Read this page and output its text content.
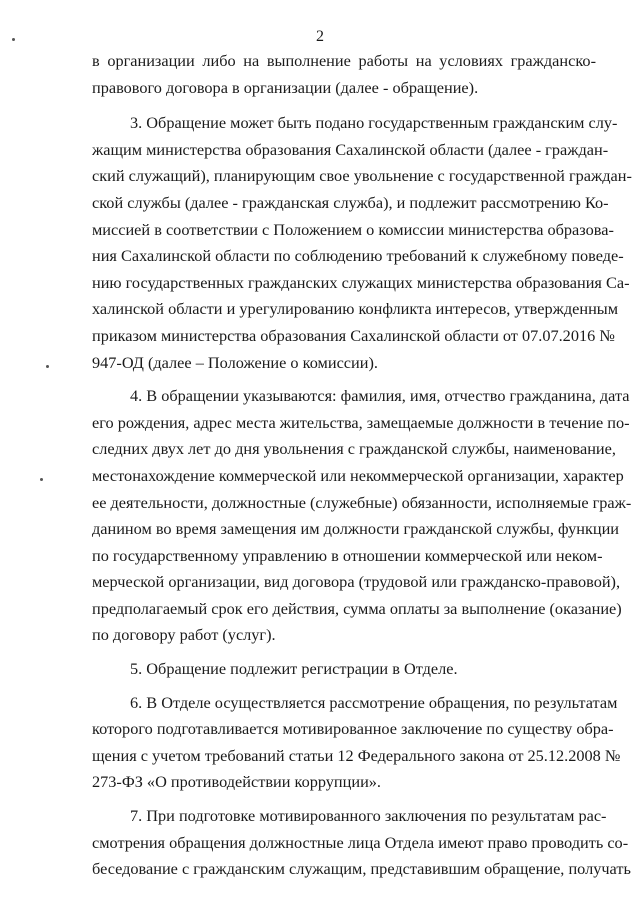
2
в организации либо на выполнение работы на условиях гражданско-
правового договора в организации (далее - обращение).
3. Обращение может быть подано государственным гражданским слу-
жащим министерства образования Сахалинской области (далее - граждан-
ский служащий), планирующим свое увольнение с государственной граждан-
ской службы (далее - гражданская служба), и подлежит рассмотрению Ко-
миссией в соответствии с Положением о комиссии министерства образова-
ния Сахалинской области по соблюдению требований к служебному поведе-
нию государственных гражданских служащих министерства образования Са-
халинской области и урегулированию конфликта интересов, утвержденным
приказом министерства образования Сахалинской области от 07.07.2016 №
947-ОД (далее – Положение о комиссии).
4. В обращении указываются: фамилия, имя, отчество гражданина, дата
его рождения, адрес места жительства, замещаемые должности в течение по-
следних двух лет до дня увольнения с гражданской службы, наименование,
местонахождение коммерческой или некоммерческой организации, характер
ее деятельности, должностные (служебные) обязанности, исполняемые граж-
данином во время замещения им должности гражданской службы, функции
по государственному управлению в отношении коммерческой или неком-
мерческой организации, вид договора (трудовой или гражданско-правовой),
предполагаемый срок его действия, сумма оплаты за выполнение (оказание)
по договору работ (услуг).
5. Обращение подлежит регистрации в Отделе.
6. В Отделе осуществляется рассмотрение обращения, по результатам
которого подготавливается мотивированное заключение по существу обра-
щения с учетом требований статьи 12 Федерального закона от 25.12.2008 №
273-ФЗ «О противодействии коррупции».
7. При подготовке мотивированного заключения по результатам рас-
смотрения обращения должностные лица Отдела имеют право проводить со-
беседование с гражданским служащим, представившим обращение, получать
